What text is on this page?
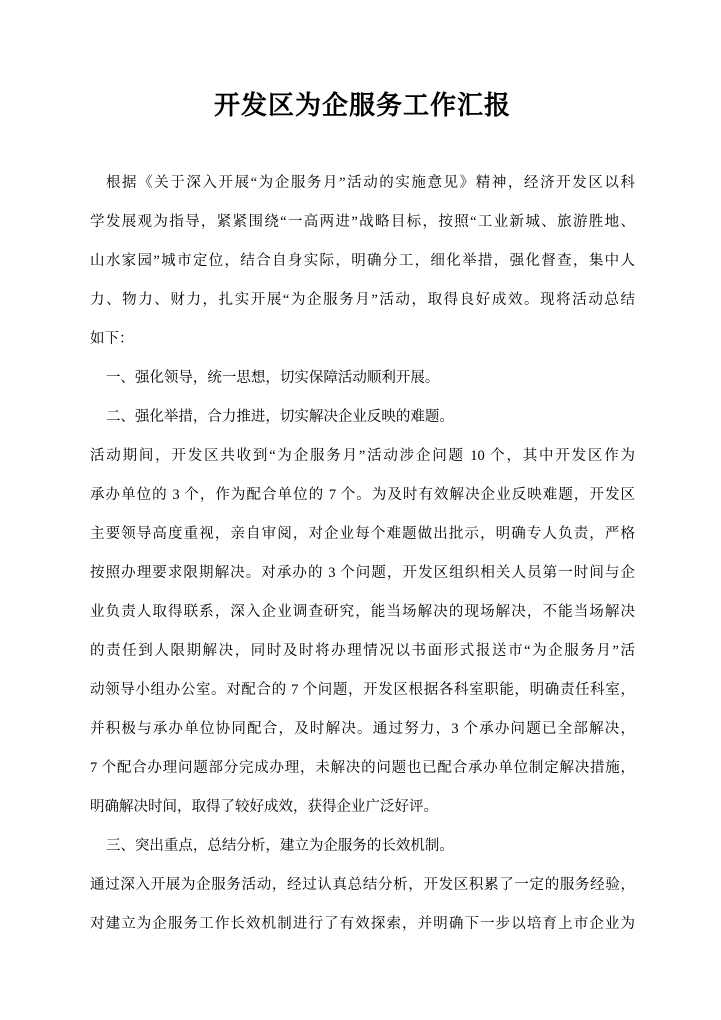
开发区为企服务工作汇报
根据《关于深入开展“为企服务月”活动的实施意见》精神，经济开发区以科
学发展观为指导，紧紧围绕“一高两进”战略目标，按照“工业新城、旅游胜地、
山水家园”城市定位，结合自身实际，明确分工，细化举措，强化督查，集中人
力、物力、财力，扎实开展“为企服务月”活动，取得良好成效。现将活动总结
如下：
一、强化领导，统一思想，切实保障活动顺利开展。
二、强化举措，合力推进，切实解决企业反映的难题。
活动期间，开发区共收到“为企服务月”活动涉企问题 10 个，其中开发区作为
承办单位的 3 个，作为配合单位的 7 个。为及时有效解决企业反映难题，开发区
主要领导高度重视，亲自审阅，对企业每个难题做出批示，明确专人负责，严格
按照办理要求限期解决。对承办的 3 个问题，开发区组织相关人员第一时间与企
业负责人取得联系，深入企业调查研究，能当场解决的现场解决，不能当场解决
的责任到人限期解决，同时及时将办理情况以书面形式报送市“为企服务月”活
动领导小组办公室。对配合的 7 个问题，开发区根据各科室职能，明确责任科室，
并积极与承办单位协同配合，及时解决。通过努力，3 个承办问题已全部解决，
7 个配合办理问题部分完成办理，未解决的问题也已配合承办单位制定解决措施，
明确解决时间，取得了较好成效，获得企业广泛好评。
三、突出重点，总结分析，建立为企服务的长效机制。
通过深入开展为企服务活动，经过认真总结分析，开发区积累了一定的服务经验，
对建立为企服务工作长效机制进行了有效探索，并明确下一步以培育上市企业为
